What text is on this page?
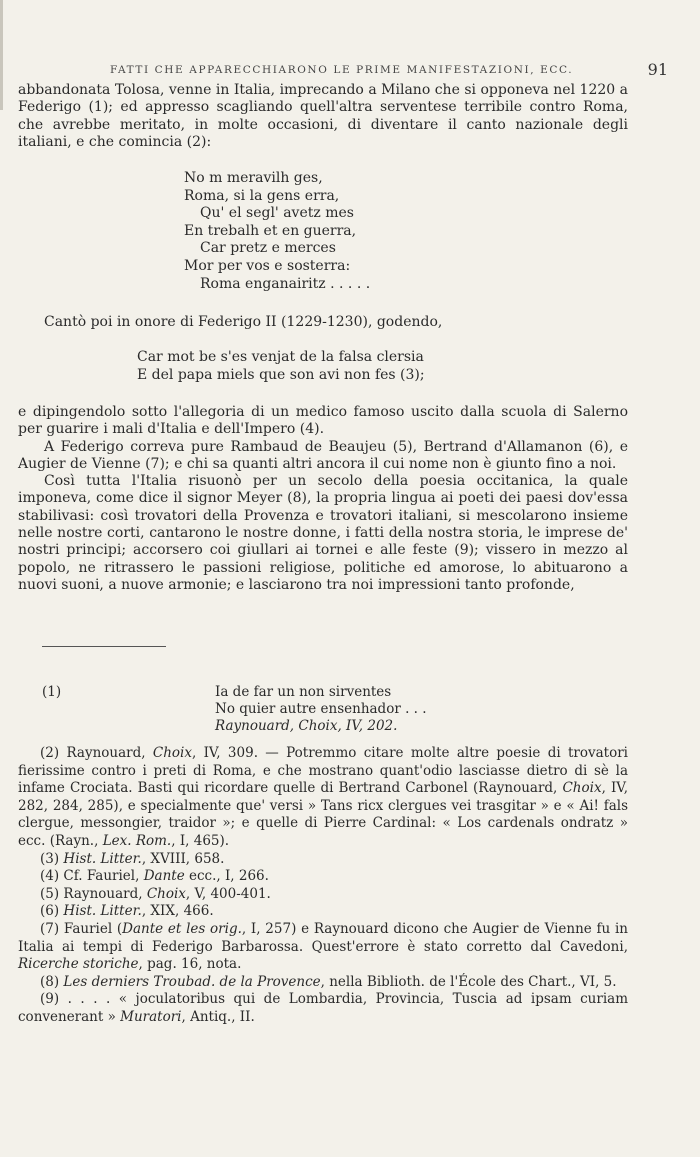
FATTI CHE APPARECCHIARONO LE PRIME MANIFESTAZIONI, ECC.	91

abbandonata Tolosa, venne in Italia, imprecando a Milano che si opponeva nel 1220 a Federigo (1); ed appresso scagliando quell'altra serventese terribile contro Roma, che avrebbe meritato, in molte occasioni, di diventare il canto nazionale degli italiani, e che comincia (2):

No m meravilh ges,
Roma, si la gens erra,
Qu' el segl' avetz mes
En trebalh et en guerra,
Car pretz e merces
Mor per vos e sosterra:
Roma enganairitz . . . . .
Cantò poi in onore di Federigo II (1229-1230), godendo,
Car mot be s'es venjat de la falsa clersia
E del papa miels que son avi non fes (3);

e dipingendolo sotto l'allegoria di un medico famoso uscito dalla scuola di Salerno per guarire i mali d'Italia e dell'Impero (4).

A Federigo correva pure Rambaud de Beaujeu (5), Bertrand d'Allamanon (6), e Augier de Vienne (7); e chi sa quanti altri ancora il cui nome non è giunto fino a noi.

Così tutta l'Italia risuonò per un secolo della poesia occitanica, la quale imponeva, come dice il signor Meyer (8), la propria lingua ai poeti dei paesi dov'essa stabilivasi: così trovatori della Provenza e trovatori italiani, si mescolarono insieme nelle nostre corti, cantarono le nostre donne, i fatti della nostra storia, le imprese de' nostri principi; accorsero coi giullari ai tornei e alle feste (9); vissero in mezzo al popolo, ne ritrassero le passioni religiose, politiche ed amorose, lo abituarono a nuovi suoni, a nuove armonie; e lasciarono tra noi impressioni tanto profonde,

(1)	Ia de far un non sirventes
No quier autre ensenhador . . .
Raynouard, Choix, IV, 202.

(2) Raynouard, Choix, IV, 309. — Potremmo citare molte altre poesie di trovatori fierissime contro i preti di Roma, e che mostrano quant'odio lasciasse dietro di sè la infame Crociata. Basti qui ricordare quelle di Bertrand Carbonel (Raynouard, Choix, IV, 282, 284, 285), e specialmente que' versi » Tans ricx clergues vei trasgitar » e « Ai! fals clergue, messongier, traidor »; e quelle di Pierre Cardinal: « Los cardenals ondratz » ecc. (Rayn., Lex. Rom., I, 465).

(3) Hist. Litter., XVIII, 658.

(4) Cf. Fauriel, Dante ecc., I, 266.

(5) Raynouard, Choix, V, 400-401.

(6) Hist. Litter., XIX, 466.

(7) Fauriel (Dante et les orig., I, 257) e Raynouard dicono che Augier de Vienne fu in Italia ai tempi di Federigo Barbarossa. Quest'errore è stato corretto dal Cavedoni, Ricerche storiche, pag. 16, nota.

(8) Les derniers Troubad. de la Provence, nella Biblioth. de l'École des Chart., VI, 5.

(9) . . . . « joculatoribus qui de Lombardia, Provincia, Tuscia ad ipsam curiam convenerant » Muratori, Antiq., II.
